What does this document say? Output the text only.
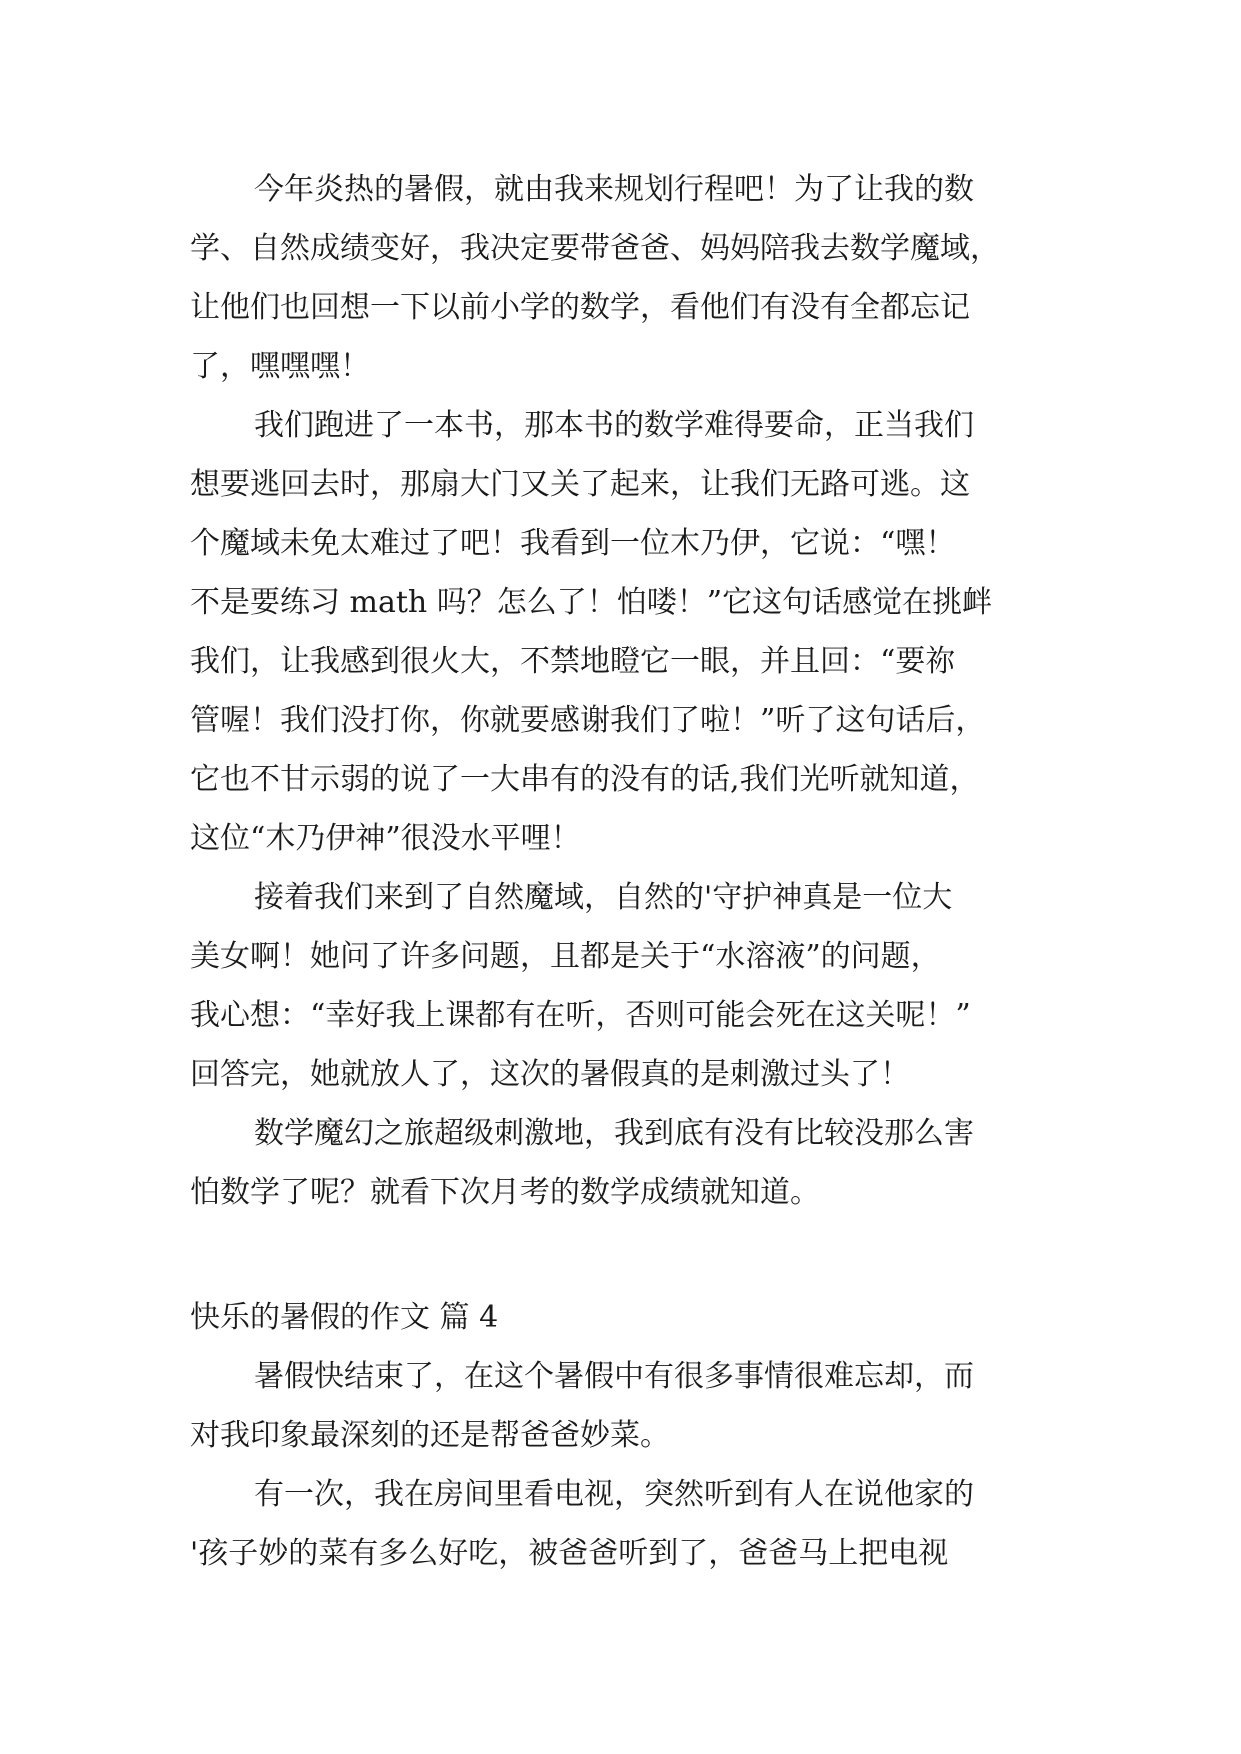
今年炎热的暑假，就由我来规划行程吧！为了让我的数
学、自然成绩变好，我决定要带爸爸、妈妈陪我去数学魔域，
让他们也回想一下以前小学的数学，看他们有没有全都忘记
了，嘿嘿嘿！
我们跑进了一本书，那本书的数学难得要命，正当我们
想要逃回去时，那扇大门又关了起来，让我们无路可逃。这
个魔域未免太难过了吧！我看到一位木乃伊，它说：“嘿！
不是要练习 math 吗？怎么了！怕喽！”它这句话感觉在挑衅
我们，让我感到很火大，不禁地瞪它一眼，并且回：“要祢
管喔！我们没打你，你就要感谢我们了啦！”听了这句话后，
它也不甘示弱的说了一大串有的没有的话,我们光听就知道，
这位“木乃伊神”很没水平哩！
接着我们来到了自然魔域，自然的'守护神真是一位大
美女啊！她问了许多问题，且都是关于“水溶液”的问题，
我心想：“幸好我上课都有在听，否则可能会死在这关呢！”
回答完，她就放人了，这次的暑假真的是刺激过头了！
数学魔幻之旅超级刺激地，我到底有没有比较没那么害
怕数学了呢？就看下次月考的数学成绩就知道。
快乐的暑假的作文 篇 4
暑假快结束了，在这个暑假中有很多事情很难忘却，而
对我印象最深刻的还是帮爸爸妙菜。
有一次，我在房间里看电视，突然听到有人在说他家的
'孩子妙的菜有多么好吃，被爸爸听到了，爸爸马上把电视
